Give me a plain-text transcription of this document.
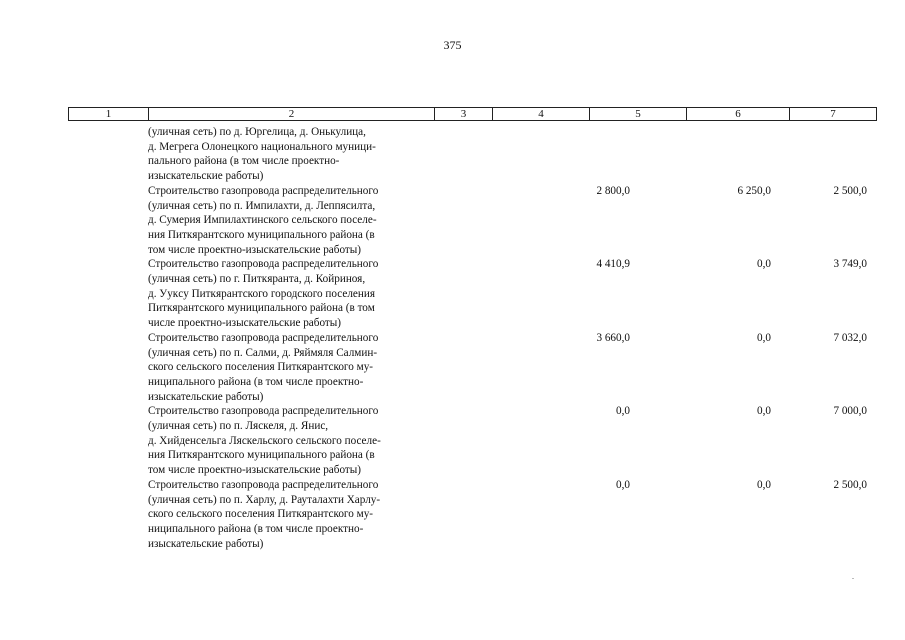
375
1	2	3	4	5	6	7
(уличная сеть) по д. Юргелица, д. Онькулица,
д. Мегрега Олонецкого национального муници-
пального района (в том числе проектно-
изыскательские работы)
Строительство газопровода распределительного
(уличная сеть) по п. Импилахти, д. Леппясилта,
д. Сумерия Импилахтинского сельского поселе-
ния Питкярантского муниципального района (в
том числе проектно-изыскательские работы)
2 800,0	6 250,0	2 500,0
Строительство газопровода распределительного
(уличная сеть) по г. Питкяранта, д. Койриноя,
д. Уукcу Питкярантского городского поселения
Питкярантского муниципального района (в том
числе проектно-изыскательские работы)
4 410,9	0,0	3 749,0
Строительство газопровода распределительного
(уличная сеть) по п. Салми, д. Ряймяля Салмин-
ского сельского поселения Питкярантского му-
ниципального района (в том числе проектно-
изыскательские работы)
3 660,0	0,0	7 032,0
Строительство газопровода распределительного
(уличная сеть) по п. Ляскеля, д. Янис,
д. Хийденсельга Ляскельского сельского поселе-
ния Питкярантского муниципального района (в
том числе проектно-изыскательские работы)
0,0	0,0	7 000,0
Строительство газопровода распределительного
(уличная сеть) по п. Харлу, д. Рауталахти Харлу-
ского сельского поселения Питкярантского му-
ниципального района (в том числе проектно-
изыскательские работы)
0,0	0,0	2 500,0
